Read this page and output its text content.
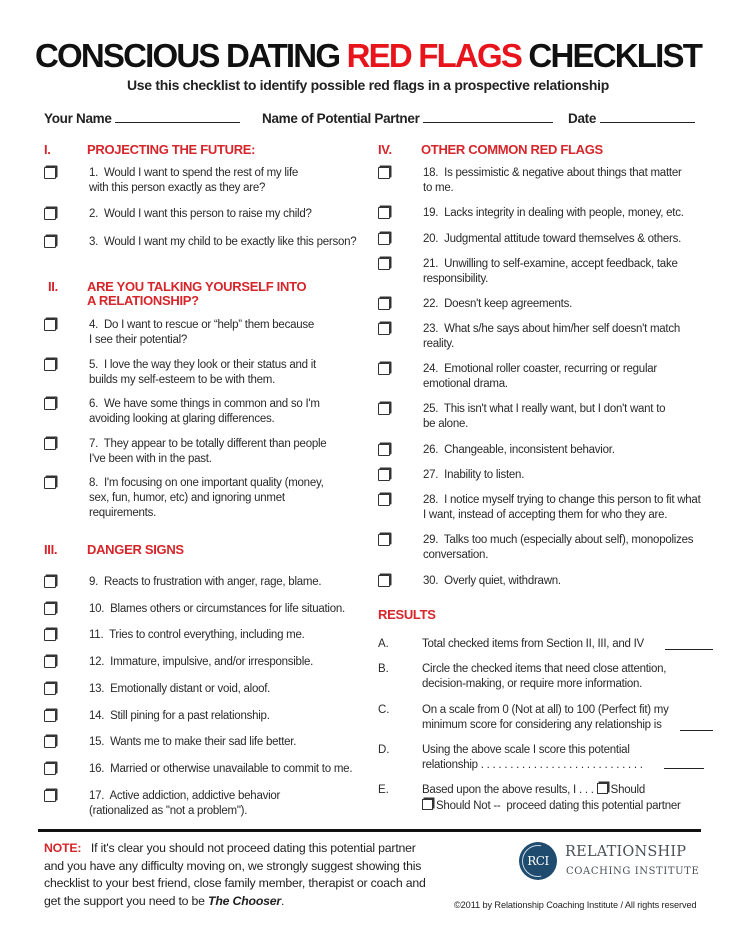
CONSCIOUS DATING RED FLAGS CHECKLIST
Use this checklist to identify possible red flags in a prospective relationship
Your Name	Name of Potential Partner	Date
I.	PROJECTING THE FUTURE:
1.  Would I want to spend the rest of my life
with this person exactly as they are?
2.  Would I want this person to raise my child?
3.  Would I want my child to be exactly like this person?
II. ARE YOU TALKING YOURSELF INTO
A RELATIONSHIP?
4.  Do I want to rescue or “help” them because
I see their potential?
5.  I love the way they look or their status and it
builds my self-esteem to be with them.
6.  We have some things in common and so I'm
avoiding looking at glaring differences.
7.  They appear to be totally different than people
I've been with in the past.
8.  I'm focusing on one important quality (money,
sex, fun, humor, etc) and ignoring unmet
requirements.
III. DANGER SIGNS
9.  Reacts to frustration with anger, rage, blame.
10.  Blames others or circumstances for life situation.
11.  Tries to control everything, including me.
12.  Immature, impulsive, and/or irresponsible.
13.  Emotionally distant or void, aloof.
14.  Still pining for a past relationship.
15.  Wants me to make their sad life better.
16.  Married or otherwise unavailable to commit to me.
17.  Active addiction, addictive behavior
(rationalized as "not a problem").
IV. OTHER COMMON RED FLAGS
18.  Is pessimistic & negative about things that matter
to me.
19.  Lacks integrity in dealing with people, money, etc.
20.  Judgmental attitude toward themselves & others.
21.  Unwilling to self-examine, accept feedback, take
responsibility.
22.  Doesn't keep agreements.
23.  What s/he says about him/her self doesn't match
reality.
24.  Emotional roller coaster, recurring or regular
emotional drama.
25.  This isn't what I really want, but I don't want to
be alone.
26.  Changeable, inconsistent behavior.
27.  Inability to listen.
28.  I notice myself trying to change this person to fit what
I want, instead of accepting them for who they are.
29.  Talks too much (especially about self), monopolizes
conversation.
30.  Overly quiet, withdrawn.
RESULTS
A.	Total checked items from Section II, III, and IV
B.	Circle the checked items that need close attention,
decision-making, or require more information.
C.	On a scale from 0 (Not at all) to 100 (Perfect fit) my
minimum score for considering any relationship is
D.	Using the above scale I score this potential
relationship . . . . . . . . . . . . . . . . . . . . . . . . . . . .
E.	Based upon the above results, I . . . Should
Should Not --  proceed dating this potential partner
NOTE: If it's clear you should not proceed dating this potential partner and you have any difficulty moving on, we strongly suggest showing this checklist to your best friend, close family member, therapist or coach and get the support you need to be The Chooser.
RCI
RELATIONSHIP
COACHING INSTITUTE
©2011 by Relationship Coaching Institute / All rights reserved
